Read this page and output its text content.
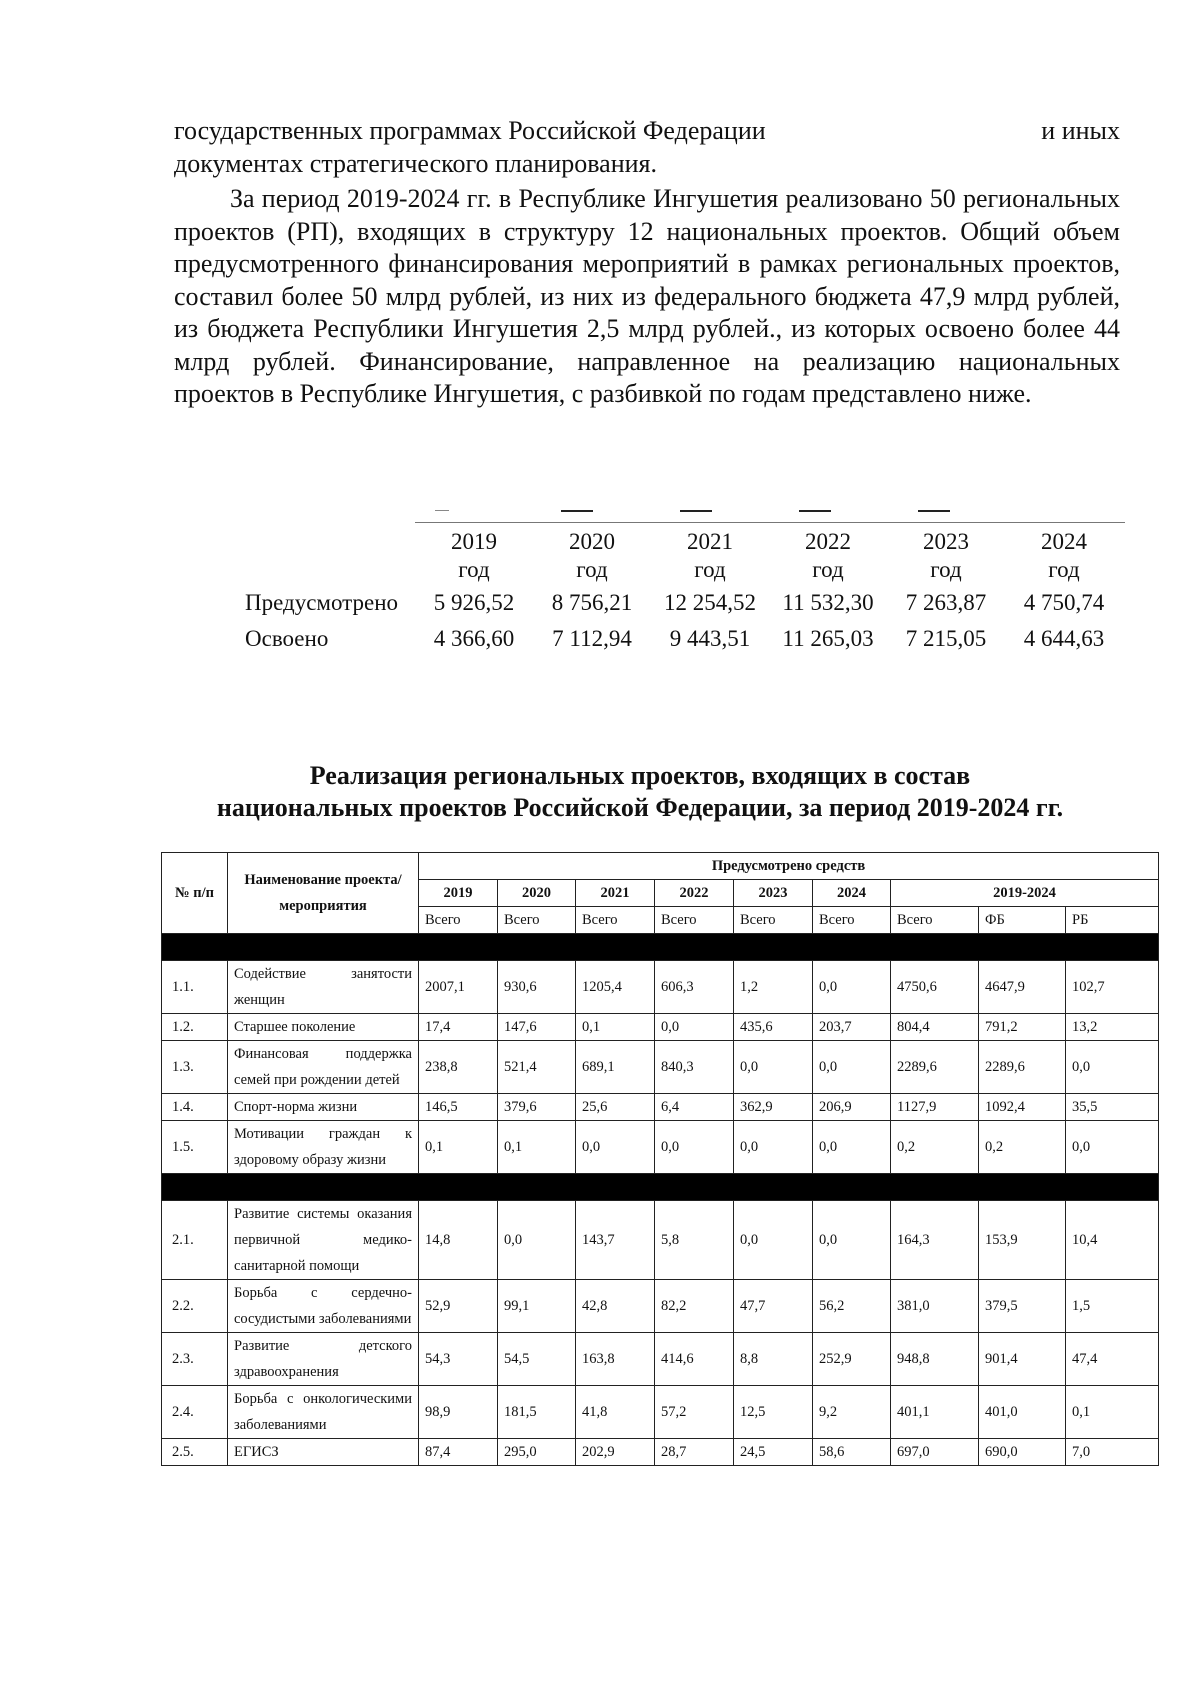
государственных программах Российской Федерации	и иных
документах стратегического планирования.
За период 2019-2024 гг. в Республике Ингушетия реализовано 50 региональных проектов (РП), входящих в структуру 12 национальных проектов. Общий объем предусмотренного финансирования мероприятий в рамках региональных проектов, составил более 50 млрд рублей, из них из федерального бюджета 47,9 млрд рублей, из бюджета Республики Ингушетия 2,5 млрд рублей., из которых освоено более 44 млрд рублей. Финансирование, направленное на реализацию национальных проектов в Республике Ингушетия, с разбивкой по годам представлено ниже.
	2019	2020	2021	2022	2023	2024
	год	год	год	год	год	год
Предусмотрено	5 926,52	8 756,21	12 254,52	11 532,30	7 263,87	4 750,74
Освоено	4 366,60	7 112,94	9 443,51	11 265,03	7 215,05	4 644,63
Реализация региональных проектов, входящих в состав
национальных проектов Российской Федерации, за период 2019-2024 гг.
№ п/п	Наименование проекта/мероприятия	Предусмотрено средств								
		2019	2020	2021	2022	2023	2024	2019-2024		
		Всего	Всего	Всего	Всего	Всего	Всего	Всего	ФБ	РБ

1.1.	Содействие занятости женщин	2007,1	930,6	1205,4	606,3	1,2	0,0	4750,6	4647,9	102,7
1.2.	Старшее поколение	17,4	147,6	0,1	0,0	435,6	203,7	804,4	791,2	13,2
1.3.	Финансовая поддержка семей при рождении детей	238,8	521,4	689,1	840,3	0,0	0,0	2289,6	2289,6	0,0
1.4.	Спорт-норма жизни	146,5	379,6	25,6	6,4	362,9	206,9	1127,9	1092,4	35,5
1.5.	Мотивации граждан к здоровому образу жизни	0,1	0,1	0,0	0,0	0,0	0,0	0,2	0,2	0,0

2.1.	Развитие системы оказания первичной медико-санитарной помощи	14,8	0,0	143,7	5,8	0,0	0,0	164,3	153,9	10,4
2.2.	Борьба с сердечно-сосудистыми заболеваниями	52,9	99,1	42,8	82,2	47,7	56,2	381,0	379,5	1,5
2.3.	Развитие детского здравоохранения	54,3	54,5	163,8	414,6	8,8	252,9	948,8	901,4	47,4
2.4.	Борьба с онкологическими заболеваниями	98,9	181,5	41,8	57,2	12,5	9,2	401,1	401,0	0,1
2.5.	ЕГИСЗ	87,4	295,0	202,9	28,7	24,5	58,6	697,0	690,0	7,0
